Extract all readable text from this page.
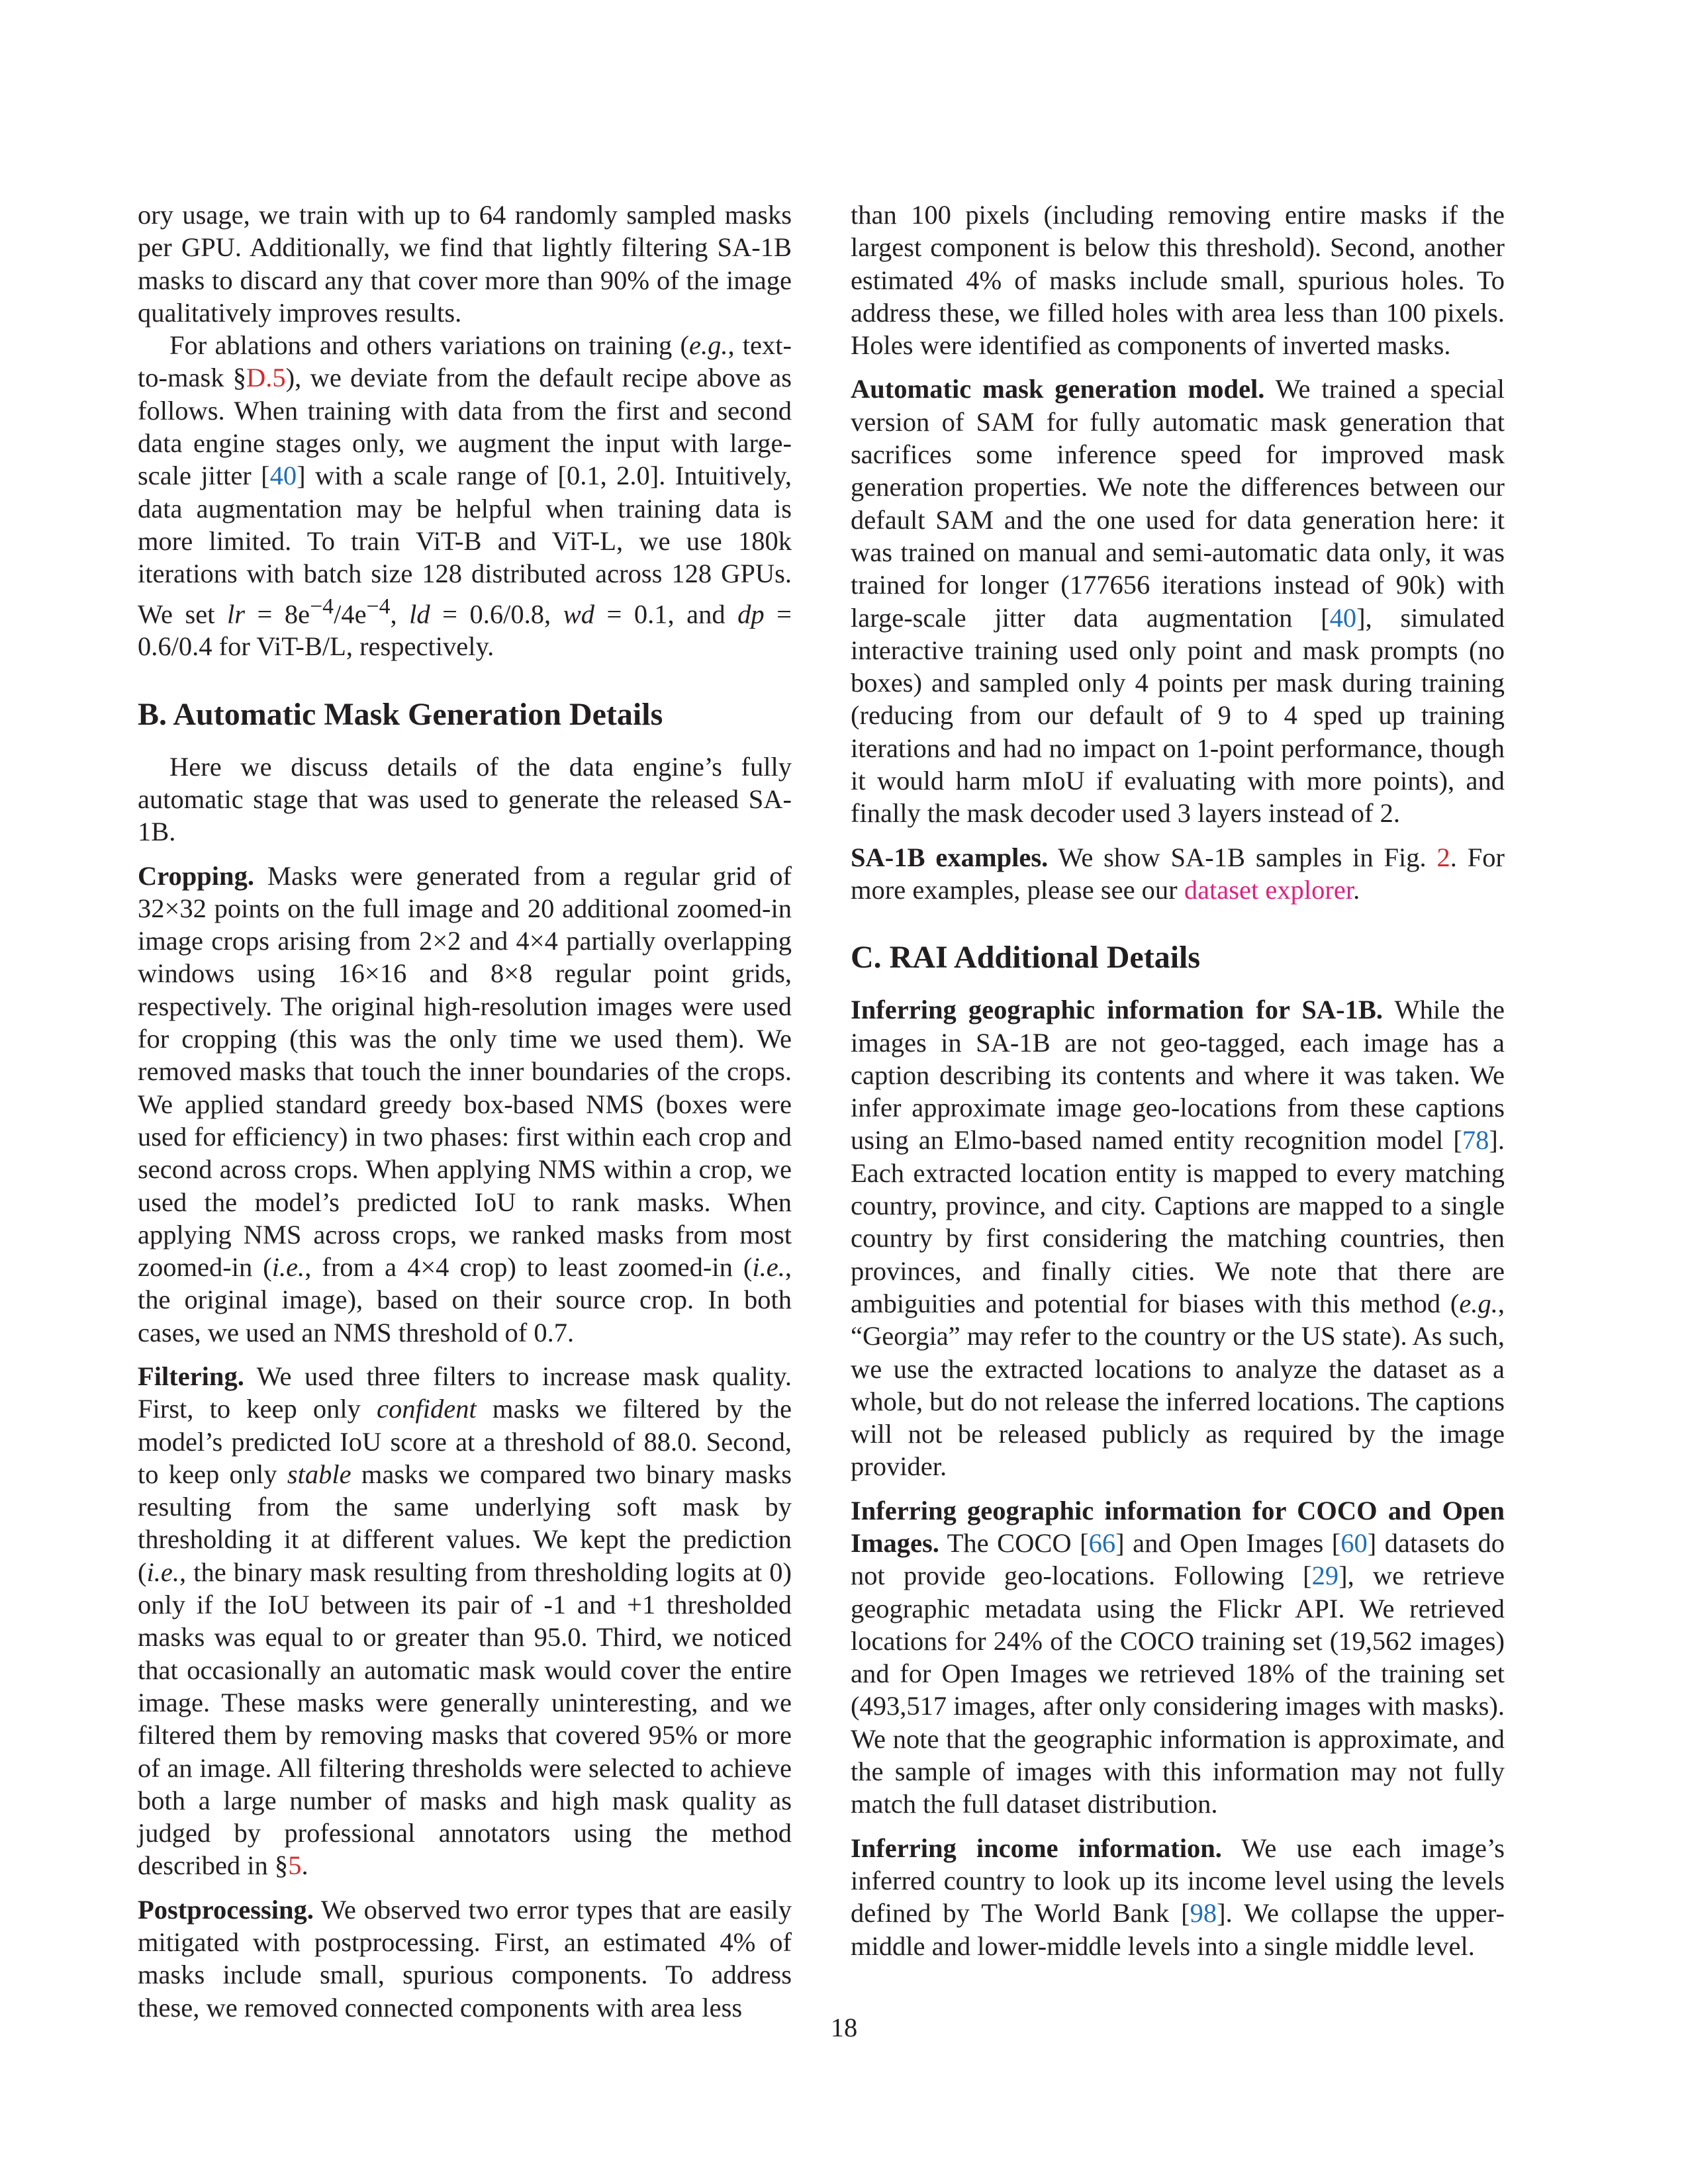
ory usage, we train with up to 64 randomly sampled masks per GPU. Additionally, we find that lightly filtering SA-1B masks to discard any that cover more than 90% of the image qualitatively improves results.

For ablations and others variations on training (e.g., text-to-mask §D.5), we deviate from the default recipe above as follows. When training with data from the first and second data engine stages only, we augment the input with large-scale jitter [40] with a scale range of [0.1, 2.0]. Intuitively, data augmentation may be helpful when training data is more limited. To train ViT-B and ViT-L, we use 180k iterations with batch size 128 distributed across 128 GPUs. We set lr = $8e^{-4}/4e^{-4}$, ld = 0.6/0.8, wd = 0.1, and dp = 0.6/0.4 for ViT-B/L, respectively.

B. Automatic Mask Generation Details

Here we discuss details of the data engine’s fully automatic stage that was used to generate the released SA-1B.

Cropping. Masks were generated from a regular grid of 32×32 points on the full image and 20 additional zoomed-in image crops arising from 2×2 and 4×4 partially overlapping windows using 16×16 and 8×8 regular point grids, respectively. The original high-resolution images were used for cropping (this was the only time we used them). We removed masks that touch the inner boundaries of the crops. We applied standard greedy box-based NMS (boxes were used for efficiency) in two phases: first within each crop and second across crops. When applying NMS within a crop, we used the model’s predicted IoU to rank masks. When applying NMS across crops, we ranked masks from most zoomed-in (i.e., from a 4×4 crop) to least zoomed-in (i.e., the original image), based on their source crop. In both cases, we used an NMS threshold of 0.7.

Filtering. We used three filters to increase mask quality. First, to keep only confident masks we filtered by the model’s predicted IoU score at a threshold of 88.0. Second, to keep only stable masks we compared two binary masks resulting from the same underlying soft mask by thresholding it at different values. We kept the prediction (i.e., the binary mask resulting from thresholding logits at 0) only if the IoU between its pair of -1 and +1 thresholded masks was equal to or greater than 95.0. Third, we noticed that occasionally an automatic mask would cover the entire image. These masks were generally uninteresting, and we filtered them by removing masks that covered 95% or more of an image. All filtering thresholds were selected to achieve both a large number of masks and high mask quality as judged by professional annotators using the method described in §5.

Postprocessing. We observed two error types that are easily mitigated with postprocessing. First, an estimated 4% of masks include small, spurious components. To address these, we removed connected components with area less

than 100 pixels (including removing entire masks if the largest component is below this threshold). Second, another estimated 4% of masks include small, spurious holes. To address these, we filled holes with area less than 100 pixels. Holes were identified as components of inverted masks.

Automatic mask generation model. We trained a special version of SAM for fully automatic mask generation that sacrifices some inference speed for improved mask generation properties. We note the differences between our default SAM and the one used for data generation here: it was trained on manual and semi-automatic data only, it was trained for longer (177656 iterations instead of 90k) with large-scale jitter data augmentation [40], simulated interactive training used only point and mask prompts (no boxes) and sampled only 4 points per mask during training (reducing from our default of 9 to 4 sped up training iterations and had no impact on 1-point performance, though it would harm mIoU if evaluating with more points), and finally the mask decoder used 3 layers instead of 2.

SA-1B examples. We show SA-1B samples in Fig. 2. For more examples, please see our dataset explorer.

C. RAI Additional Details

Inferring geographic information for SA-1B. While the images in SA-1B are not geo-tagged, each image has a caption describing its contents and where it was taken. We infer approximate image geo-locations from these captions using an Elmo-based named entity recognition model [78]. Each extracted location entity is mapped to every matching country, province, and city. Captions are mapped to a single country by first considering the matching countries, then provinces, and finally cities. We note that there are ambiguities and potential for biases with this method (e.g., “Georgia” may refer to the country or the US state). As such, we use the extracted locations to analyze the dataset as a whole, but do not release the inferred locations. The captions will not be released publicly as required by the image provider.

Inferring geographic information for COCO and Open Images. The COCO [66] and Open Images [60] datasets do not provide geo-locations. Following [29], we retrieve geographic metadata using the Flickr API. We retrieved locations for 24% of the COCO training set (19,562 images) and for Open Images we retrieved 18% of the training set (493,517 images, after only considering images with masks). We note that the geographic information is approximate, and the sample of images with this information may not fully match the full dataset distribution.

Inferring income information. We use each image’s inferred country to look up its income level using the levels defined by The World Bank [98]. We collapse the upper-middle and lower-middle levels into a single middle level.

18
